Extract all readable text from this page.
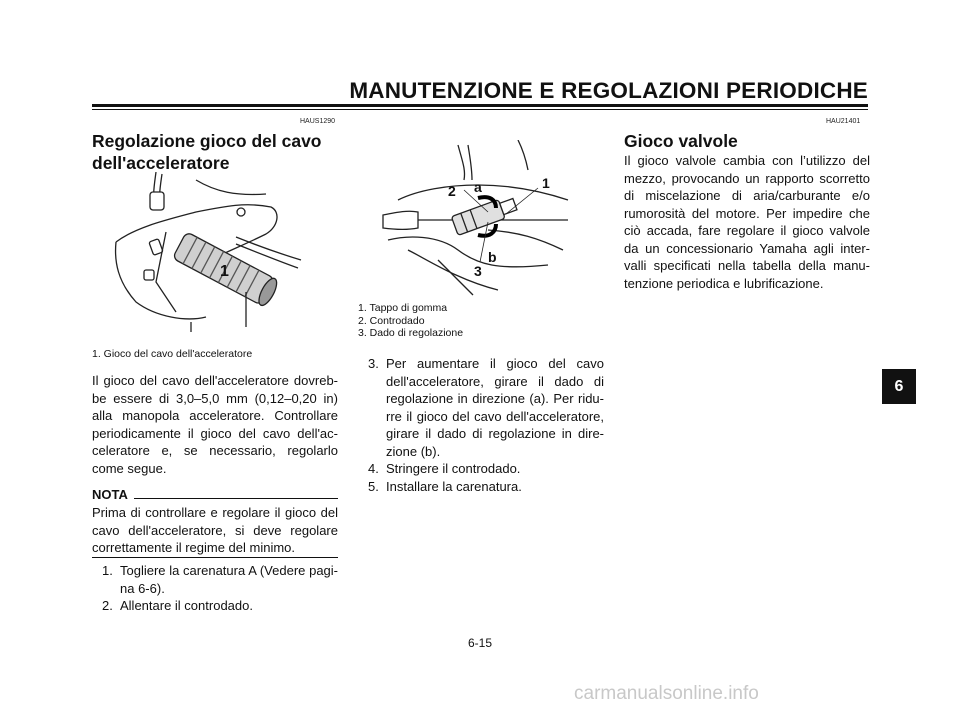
MANUTENZIONE E REGOLAZIONI PERIODICHE
HAUS1290
Regolazione gioco del cavo
dell'acceleratore
1
1. Gioco del cavo dell'acceleratore
Il gioco del cavo dell'acceleratore dovreb-be essere di 3,0–5,0 mm (0,12–0,20 in) alla manopola acceleratore. Controllare periodicamente il gioco del cavo dell'ac-celeratore e, se necessario, regolarlo come segue.
NOTA
Prima di controllare e regolare il gioco del cavo dell'acceleratore, si deve regolare correttamente il regime del minimo.
1. Togliere la carenatura A (Vedere pagi-na 6-6).
2. Allentare il controdado.
2 a	1
b
3
1. Tappo di gomma
2. Controdado
3. Dado di regolazione
3. Per aumentare il gioco del cavo dell'acceleratore, girare il dado di regolazione in direzione (a). Per ridu-rre il gioco del cavo dell'acceleratore, girare il dado di regolazione in dire-zione (b).
4. Stringere il controdado.
5. Installare la carenatura.
HAU21401
Gioco valvole
Il gioco valvole cambia con l’utilizzo del mezzo, provocando un rapporto scorretto di miscelazione di aria/carburante e/o rumorosità del motore. Per impedire che ciò accada, fare regolare il gioco valvole da un concessionario Yamaha agli inter-valli specificati nella tabella della manu-tenzione periodica e lubrificazione.
6
6-15
carmanualsonline.info
